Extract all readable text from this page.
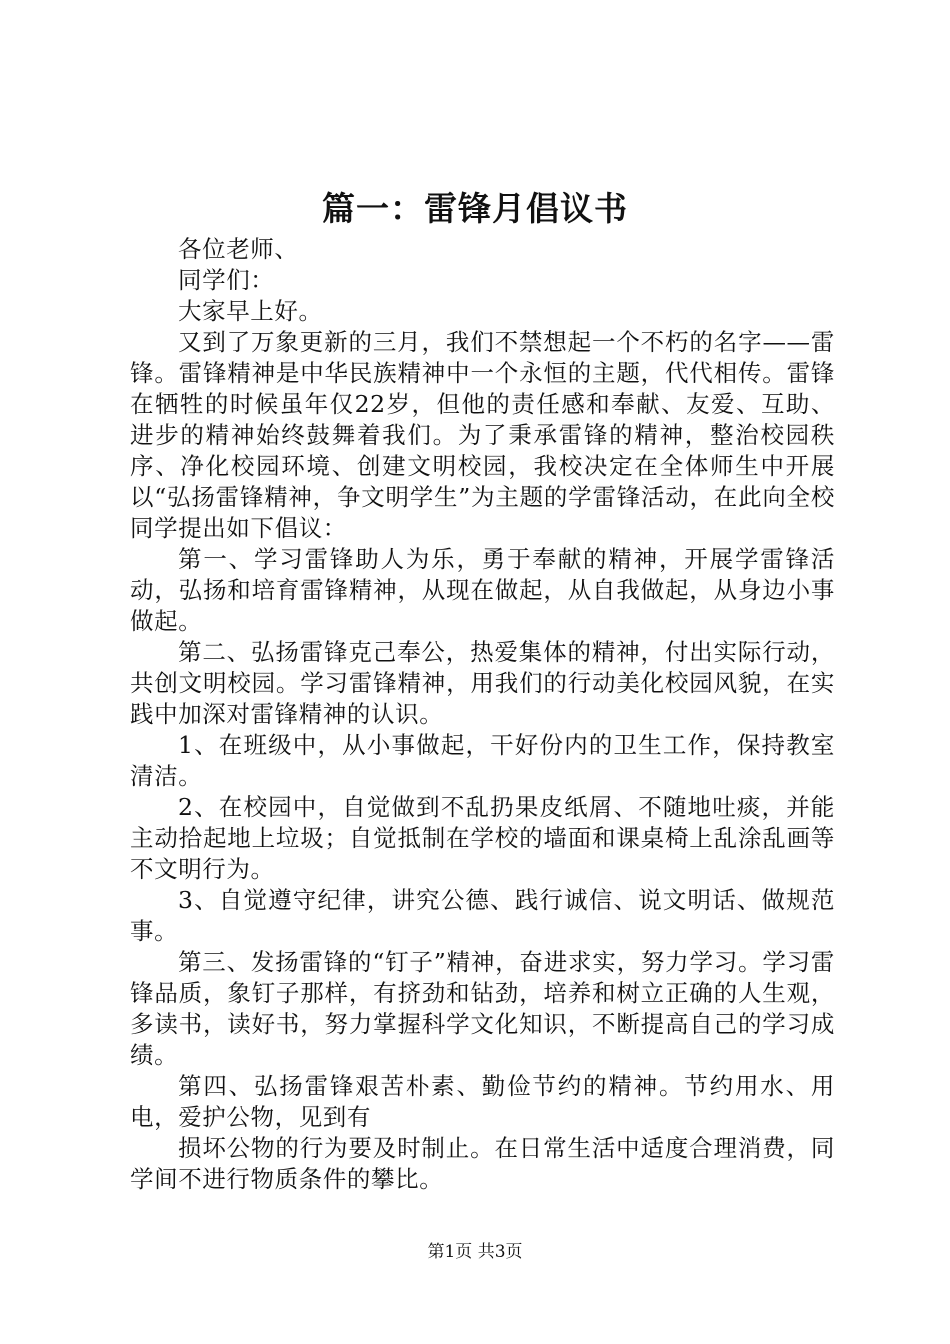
篇一：雷锋月倡议书

各位老师、

同学们：

大家早上好。

又到了万象更新的三月，我们不禁想起一个不朽的名字——雷锋。雷锋精神是中华民族精神中一个永恒的主题，代代相传。雷锋在牺牲的时候虽年仅22岁，但他的责任感和奉献、友爱、互助、进步的精神始终鼓舞着我们。为了秉承雷锋的精神，整治校园秩序、净化校园环境、创建文明校园，我校决定在全体师生中开展以“弘扬雷锋精神，争文明学生”为主题的学雷锋活动，在此向全校同学提出如下倡议：

第一、学习雷锋助人为乐，勇于奉献的精神，开展学雷锋活动，弘扬和培育雷锋精神，从现在做起，从自我做起，从身边小事做起。

第二、弘扬雷锋克己奉公，热爱集体的精神，付出实际行动，共创文明校园。学习雷锋精神，用我们的行动美化校园风貌，在实践中加深对雷锋精神的认识。

1、在班级中，从小事做起，干好份内的卫生工作，保持教室清洁。

2、在校园中，自觉做到不乱扔果皮纸屑、不随地吐痰，并能主动拾起地上垃圾；自觉抵制在学校的墙面和课桌椅上乱涂乱画等不文明行为。

3、自觉遵守纪律，讲究公德、践行诚信、说文明话、做规范事。

第三、发扬雷锋的“钉子”精神，奋进求实，努力学习。学习雷锋品质，象钉子那样，有挤劲和钻劲，培养和树立正确的人生观，多读书，读好书，努力掌握科学文化知识，不断提高自己的学习成绩。

第四、弘扬雷锋艰苦朴素、勤俭节约的精神。节约用水、用电，爱护公物，见到有

损坏公物的行为要及时制止。在日常生活中适度合理消费，同学间不进行物质条件的攀比。

第1页 共3页
